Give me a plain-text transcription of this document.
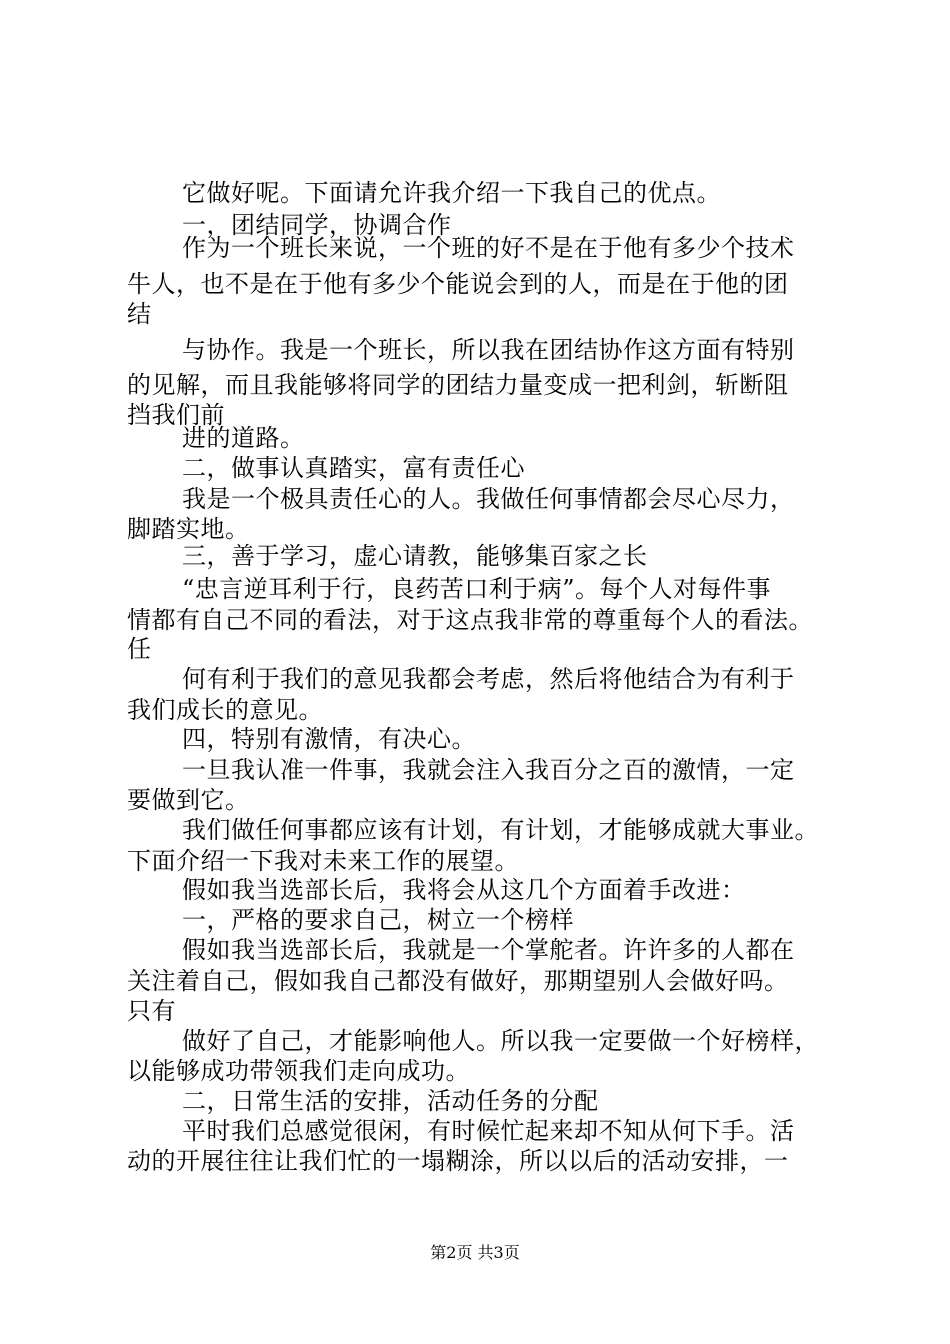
它做好呢。下面请允许我介绍一下我自己的优点。
一，团结同学，协调合作
作为一个班长来说，一个班的好不是在于他有多少个技术
牛人，也不是在于他有多少个能说会到的人，而是在于他的团
结
与协作。我是一个班长，所以我在团结协作这方面有特别
的见解，而且我能够将同学的团结力量变成一把利剑，斩断阻
挡我们前
进的道路。
二，做事认真踏实，富有责任心
我是一个极具责任心的人。我做任何事情都会尽心尽力，
脚踏实地。
三，善于学习，虚心请教，能够集百家之长
“忠言逆耳利于行，良药苦口利于病”。每个人对每件事
情都有自己不同的看法，对于这点我非常的尊重每个人的看法。
任
何有利于我们的意见我都会考虑，然后将他结合为有利于
我们成长的意见。
四，特别有激情，有决心。
一旦我认准一件事，我就会注入我百分之百的激情，一定
要做到它。
我们做任何事都应该有计划，有计划，才能够成就大事业。
下面介绍一下我对未来工作的展望。
假如我当选部长后，我将会从这几个方面着手改进：
一，严格的要求自己，树立一个榜样
假如我当选部长后，我就是一个掌舵者。许许多的人都在
关注着自己，假如我自己都没有做好，那期望别人会做好吗。
只有
做好了自己，才能影响他人。所以我一定要做一个好榜样，
以能够成功带领我们走向成功。
二，日常生活的安排，活动任务的分配
平时我们总感觉很闲，有时候忙起来却不知从何下手。活
动的开展往往让我们忙的一塌糊涂，所以以后的活动安排，一
第2页 共3页
